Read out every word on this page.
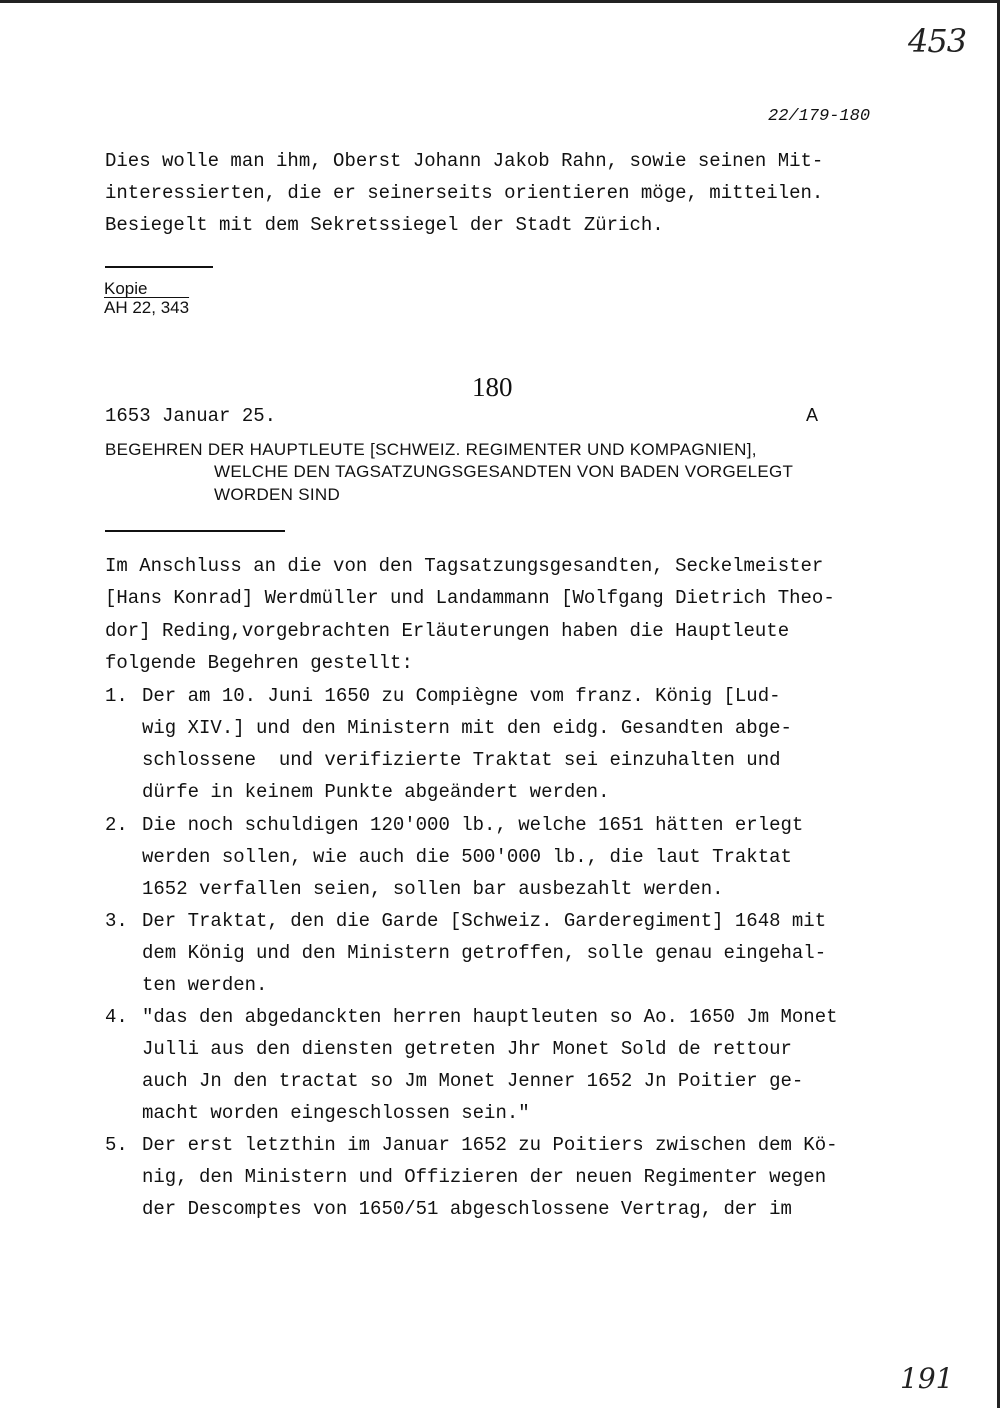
453
22/179-180
Dies wolle man ihm, Oberst Johann Jakob Rahn, sowie seinen Mit-
interessierten, die er seinerseits orientieren möge, mitteilen.
Besiegelt mit dem Sekretssiegel der Stadt Zürich.
Kopie
AH 22, 343
180
1653 Januar 25.	A
BEGEHREN DER HAUPTLEUTE [SCHWEIZ. REGIMENTER UND KOMPAGNIEN],
WELCHE DEN TAGSATZUNGSGESANDTEN VON BADEN VORGELEGT
WORDEN SIND
Im Anschluss an die von den Tagsatzungsgesandten, Seckelmeister
[Hans Konrad] Werdmüller und Landammann [Wolfgang Dietrich Theo-
dor] Reding,vorgebrachten Erläuterungen haben die Hauptleute
folgende Begehren gestellt:
1. Der am 10. Juni 1650 zu Compiègne vom franz. König [Lud-
wig XIV.] und den Ministern mit den eidg. Gesandten abge-
schlossene  und verifizierte Traktat sei einzuhalten und
dürfe in keinem Punkte abgeändert werden.
2. Die noch schuldigen 120'000 lb., welche 1651 hätten erlegt
werden sollen, wie auch die 500'000 lb., die laut Traktat
1652 verfallen seien, sollen bar ausbezahlt werden.
3. Der Traktat, den die Garde [Schweiz. Garderegiment] 1648 mit
dem König und den Ministern getroffen, solle genau eingehal-
ten werden.
4. "das den abgedanckten herren hauptleuten so Ao. 1650 Jm Monet
Julli aus den diensten getreten Jhr Monet Sold de rettour
auch Jn den tractat so Jm Monet Jenner 1652 Jn Poitier ge-
macht worden eingeschlossen sein."
5. Der erst letzthin im Januar 1652 zu Poitiers zwischen dem Kö-
nig, den Ministern und Offizieren der neuen Regimenter wegen
der Descomptes von 1650/51 abgeschlossene Vertrag, der im
191
